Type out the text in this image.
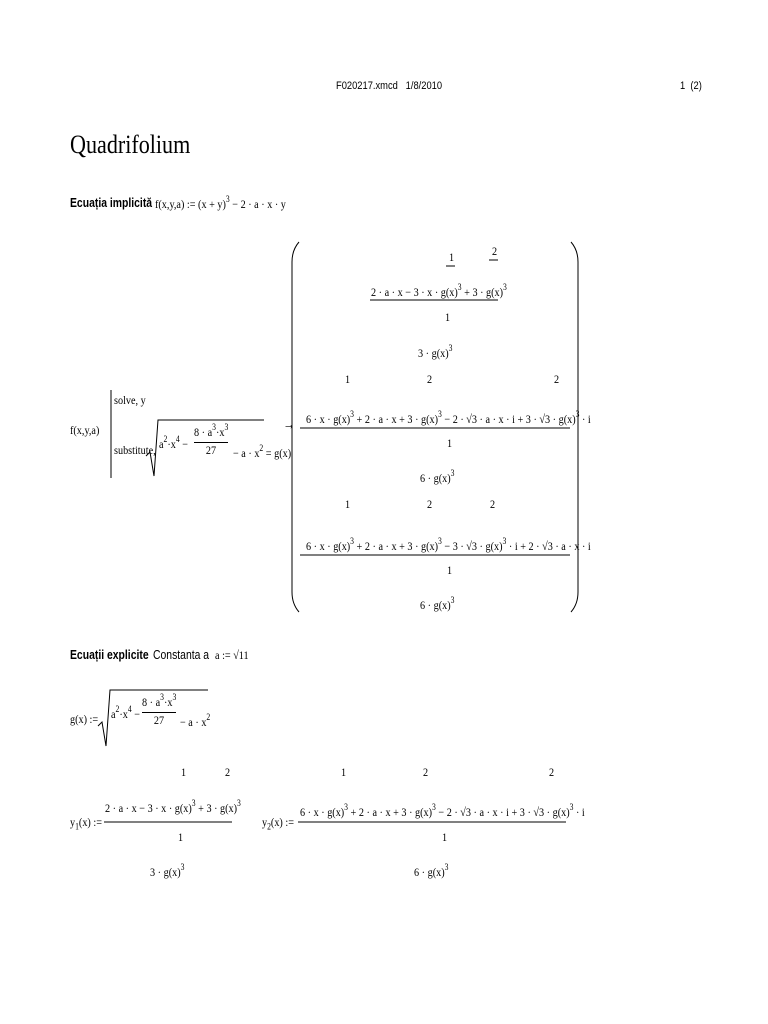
F020217.xmcd 1/8/2010	1 (2)
Quadrifolium
Ecuația implicită f(x,y,a) := $(x + y)^3 - 2 \cdot a \cdot x \cdot y$
f(x,y,a)
solve, y
substitute, $a^2\cdot x^4$ −
$8 \cdot a^3\cdot x^3$
27	− $a \cdot x^2 = g(x)$
→
1	2
$2 \cdot a \cdot x - 3 \cdot x \cdot g(x)^3 + 3 \cdot g(x)^3$
1
$3 \cdot g(x)^3$
1	2	2
$6 \cdot x \cdot g(x)^3 + 2 \cdot a \cdot x + 3 \cdot g(x)^3 - 2 \cdot √3 \cdot a \cdot x \cdot i + 3 \cdot √3 \cdot g(x)^3 \cdot i$
1
$6 \cdot g(x)^3$
1	2	2
$6 \cdot x \cdot g(x)^3 + 2 \cdot a \cdot x + 3 \cdot g(x)^3 - 3 \cdot √3 \cdot g(x)^3 \cdot i + 2 \cdot √3 \cdot a \cdot x \cdot i$
1
$6 \cdot g(x)^3$
Ecuații explicite Constanta a a := √11
g(x) := $a^2\cdot x^4$ −
$8 \cdot a^3\cdot x^3$
27	− $a \cdot x^2$
$y_1(x)$ :=
1	2
$2 \cdot a \cdot x - 3 \cdot x \cdot g(x)^3 + 3 \cdot g(x)^3$
1
$3 \cdot g(x)^3$
$y_2(x)$ :=
1	2	2
$6 \cdot x \cdot g(x)^3 + 2 \cdot a \cdot x + 3 \cdot g(x)^3 - 2 \cdot √3 \cdot a \cdot x \cdot i + 3 \cdot √3 \cdot g(x)^3 \cdot i$
1
$6 \cdot g(x)^3$
